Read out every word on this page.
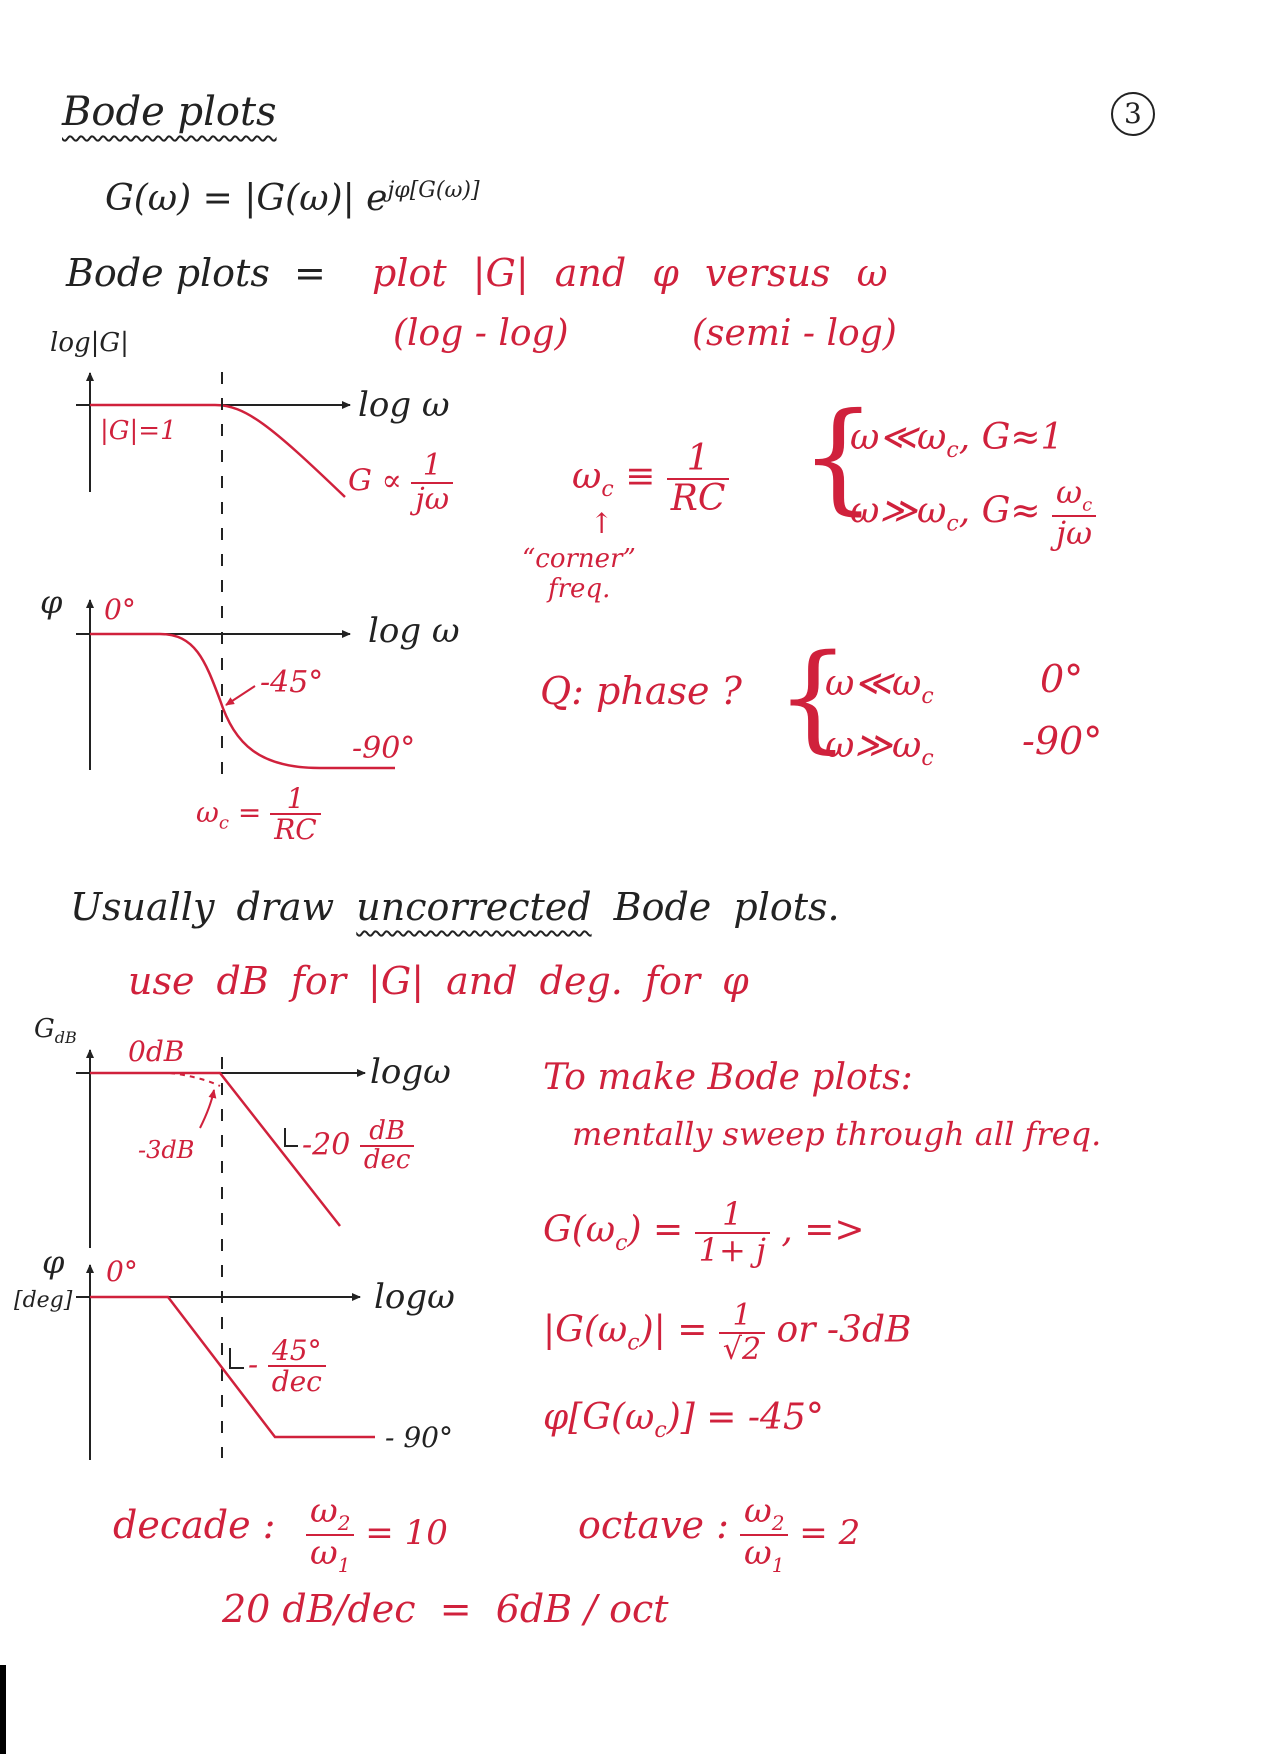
Bode plots	3
G(ω) = |G(ω)| $e^{j\varphi[G(\omega)]}$
Bode plots = plot |G| and φ versus ω
(log - log)	(semi - log)
log|G|
log ω
|G|=1
$G \propto \frac{1}{j\omega}$
φ 0°
log ω
-45°
-90°
$\omega_c = \frac{1}{RC}$
$\omega_c \equiv \frac{1}{RC}$
↑
“corner”
freq.
{
$\omega≪\omega_c$, G≈1
$\omega≫\omega_c$, $G\approx \frac{\omega_c}{j\omega}$
Q: phase ? {
$\omega≪\omega_c$	0°
$\omega≫\omega_c$ -90°
Usually draw uncorrected Bode plots.
use dB for |G| and deg. for φ
$G_{dB}$ 0dB
logω
-3dB	-20 dB
dec
φ
[deg]
0°
logω
- 45°
dec
- 90°
To make Bode plots:
mentally sweep through all freq.
$G(\omega_c) = \frac{1}{1+ j}$ , =>
$|G(\omega_c)| = \frac{1}{√2}$ or -3dB
$\varphi[G(\omega_c)] = -45^\circ$
decade : $\frac{\omega_2}{\omega_1} = 10$	octave : $\frac{\omega_2}{\omega_1} = 2$
20 dB/dec  =  6dB / oct
